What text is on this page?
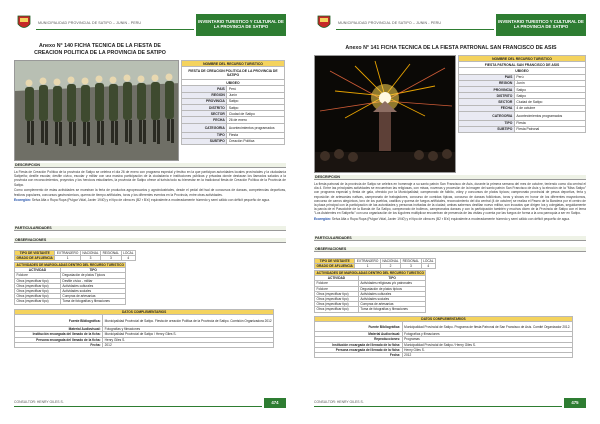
MUNICIPALIDAD PROVINCIAL DE SATIPO – JUNIN - PERU	INVENTARIO TURISTICO Y CULTURAL DE LA PROVINCIA DE SATIPO
Anexo N° 140 FICHA TECNICA DE LA FIESTA DE CREACION POLITICA DE LA PROVINCIA DE SATIPO
NOMBRE DEL RECURSO TURISTICO	
FIESTA DE CREACION POLITICA DE LA PROVINCIA DE SATIPO	
UBIGEO	
PAIS	Perú
REGION	Junín
PROVINCIA	Satipo
DISTRITO	Satipo
SECTOR	Ciudad de Satipo
FECHA	26 de enero
CATEGORIA	Acontecimientos programados
TIPO	Fiesta
SUBTIPO	Creación Política
DESCRIPCION

La Fiesta de Creación Política de la provincia de Satipo se celebra el día 26 de enero con programa especial y festivo en la que participan autoridades locales provinciales y la ciudadanía Satipeña; desfile escolar, desfile cívico, escolar y militar con una masiva participación de la ciudadanía e instituciones públicas y privadas donde destacan los llamados saludos a la provincia con reconocimientos, proyectos y los heroicos estudiantes, la provincia de Satipo ofrece al turista todo su bienestar en la tradicional fiesta de Creación Política de la Provincia de Satipo.

Como complemento de estas actividades se muestran la feria de productos agropecuarios y agroindustriales, desde el pedal del tsal de concursos de danzas, competencias deportivas, festivos populares, concursos gastronómicos, quema de tiempo artificiales, toros y los diferentes eventos en la Provincia, entre otras actividades.

Ecoregión: Selva Alta o Rupa Rupa (Pulgar Vidal, Javier 1940) y el tipo de clima es (B2 r B'a') equivalente a moderadamente húmedo y semi cálido con déficit pequeño de agua.

PARTICULARIDADES
OBSERVACIONES
TIPO DE VISITANTE	EXTRANJERO	NACIONAL	REGIONAL	LOCAL
GRADO DE AFLUENCIA	1	3	3	4
ACTIVIDADES DE MARGOLADAS DENTRO DEL RECURSO TURISTICO	
ACTIVIDAD	TIPO
Folclore	Degustación de platos Típicos
Otros (especificar tipo)	Desfile cívico - militar
Otros (especificar tipo)	Actividades culturales
Otros (especificar tipo)	Actividades sociales
Otros (especificar tipo)	Compras de artesanías
Otros (especificar tipo)	Toma de fotografías y filmaciones
DATOS COMPLEMENTARIOS	
Fuente Bibliográfica:	Municipalidad Provincial de Satipo. Fiesta de creación Política de la Provincia de Satipo. Comisión Organizadora 2012
Material Audiovisual:	Fotografías y filmaciones
Institución encargada del llenado de la ficha:	Municipalidad Provincial de Satipo / Henry Giles S.
Persona encargada del llenado de la ficha:	Henry Giles S.
Fecha:	2012
CONSULTOR: HENRY GILES S.	474
MUNICIPALIDAD PROVINCIAL DE SATIPO – JUNIN - PERU	INVENTARIO TURISTICO Y CULTURAL DE LA PROVINCIA DE SATIPO
Anexo N° 141 FICHA TECNICA DE LA FIESTA PATRONAL SAN FRANCISCO DE ASIS
NOMBRE DEL RECURSO TURISTICO	
FIESTA PATRONAL SAN FRANCISCO DE ASIS	
UBIGEO	
PAIS	Perú
REGION	Junín
PROVINCIA	Satipo
DISTRITO	Satipo
SECTOR	Ciudad de Satipo
FECHA	4 de octubre
CATEGORIA	Acontecimientos programados
TIPO	Fiesta
SUBTIPO	Fiesta Patronal
DESCRIPCION

La fiesta patronal de la provincia de Satipo se celebra en homenaje a su santo patrón San Francisco de Asís, durante la primera semana del mes de octubre, teniendo como día central el día 4. Entre las principales actividades se encuentran las religiosas, con misas, novenas y procesión de la imagen del santo patrón San Francisco de Asís y la elección de la "Miss Satipo" con programa especial y fiesta de gala, ofrecido por la Municipalidad; campeonato de fulbito, vóley y concursos de platos típicos; campeonato provincial de pesca deportiva, feria y exposición de artesanías nativas, campeonato de trabajadores, concurso de comidas típicas, concurso de danzas folklóricas, toros y shows en honor de los diferentes mayordomos, concurso de carros alegóricos, toro de los pueblos, castillos y quema de fuegos artificiales, reconocimiento del día central (4 de octubre) se realiza el Paseo de la Bandera por el centro de la plaza principal con la participación de las autoridades y personas invitadas de la ciudad; ambas sabemos desfilan nuevo militar, son incautos que dirigen los y colegiatas, seguidamente la parcia de el Pasodoble de la Banda de Sa Satipo, campeonato de bulleros, campeonatos danzas y con la participación también y muchos dicen de la Provincia de Satipo con el lema "Los Asistentes en Satipeño" con una organización de los lúgubres multiplicar encuentran de presencia de las visitas y cuenta por las fuegos de forma a la una parroquia a ser en Satipo.

Ecoregión: Selva Alta o Rupa Rupa (Pulgar Vidal, Javier 1940) y el tipo de clima es (B2 r B'a') equivalente a moderadamente húmedo y semi cálido con déficit pequeño de agua.

PARTICULARIDADES
OBSERVACIONES
TIPO DE VISITANTE	EXTRANJERO	NACIONAL	REGIONAL	LOCAL
GRADO DE AFLUENCIA	1	2	3	4
ACTIVIDADES DE MARGOLADAS DENTRO DEL RECURSO TURISTICO	
ACTIVIDAD	TIPO
Folclore	Actividades religiosas y/o patronales
Folclore	Degustación de platos típicos
Otros (especificar tipo)	Actividades culturales
Otros (especificar tipo)	Actividades sociales
Otros (especificar tipo)	Compras de artesanías
Otros (especificar tipo)	Toma de fotografías y filmaciones
DATOS COMPLEMENTARIOS	
Fuente Bibliográfica:	Municipalidad Provincial de Satipo. Programa de fiesta Patronal de San Francisco de Asís. Comité Organizador 2012.
Material Audiovisual:	Fotografías y filmaciones
Reproducciones:	Programas
Institución encargada del llenado de la ficha:	Municipalidad Provincial de Satipo / Henry Giles S.
Persona encargada del llenado de la ficha:	Henry Giles S.
Fecha:	2012
CONSULTOR: HENRY GILES S.	475
